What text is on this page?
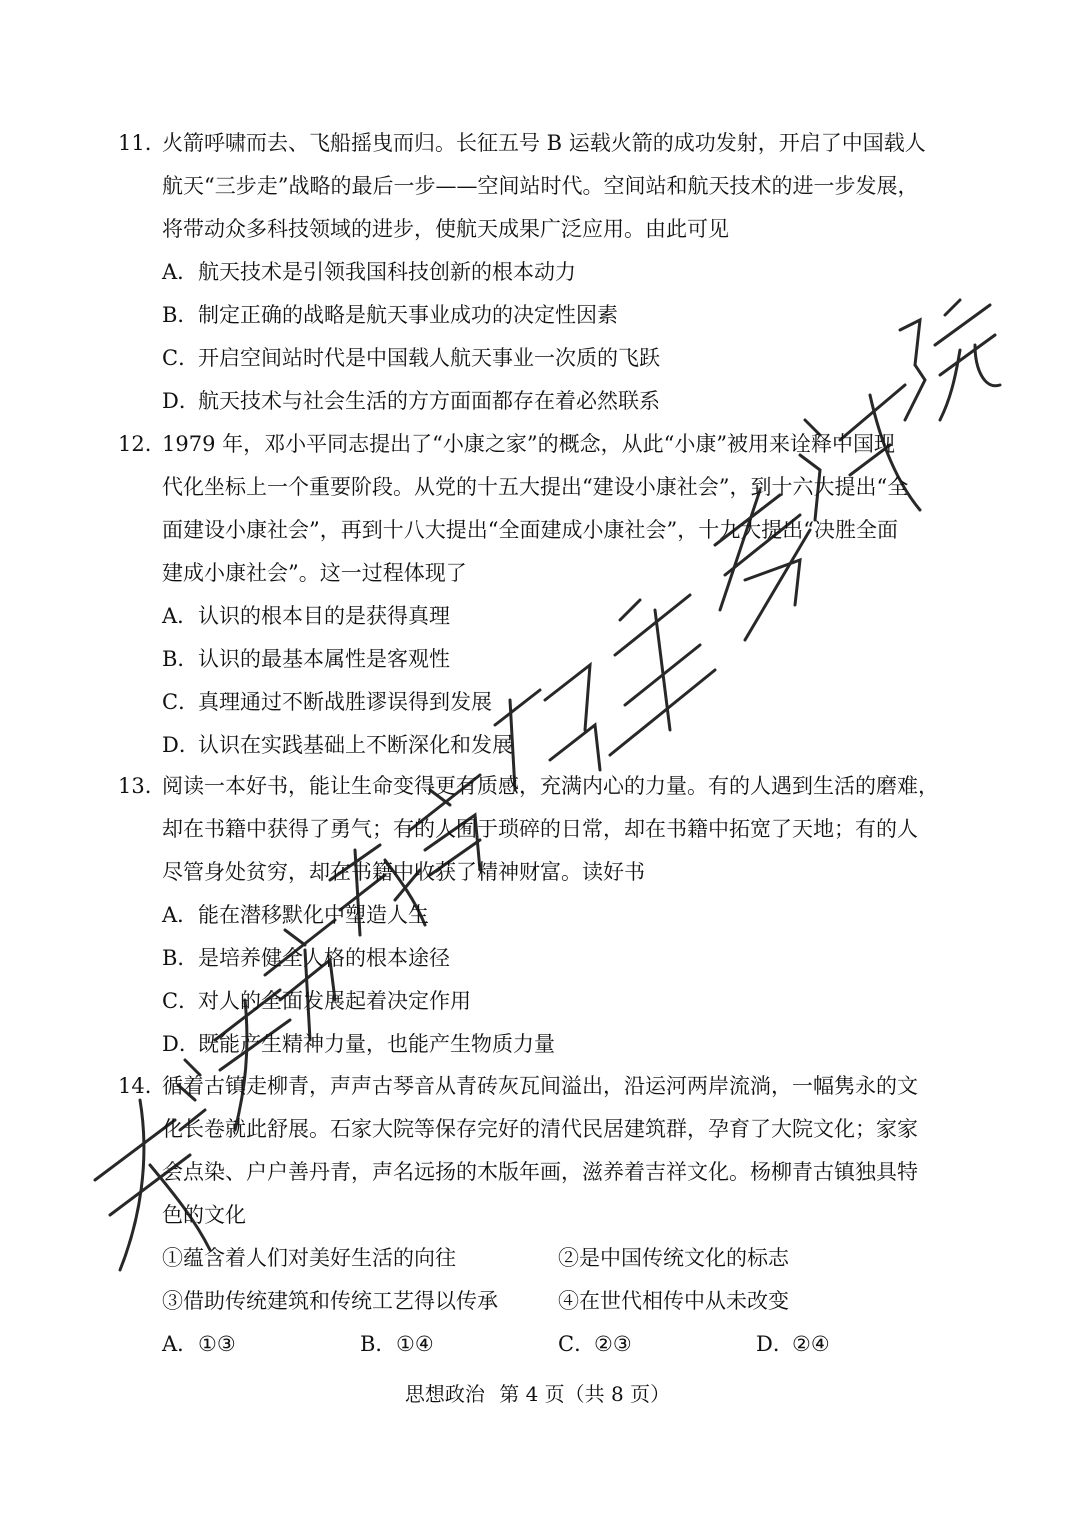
11. 火箭呼啸而去、飞船摇曳而归。长征五号 B 运载火箭的成功发射，开启了中国载人
航天“三步走”战略的最后一步——空间站时代。空间站和航天技术的进一步发展，
将带动众多科技领域的进步，使航天成果广泛应用。由此可见
A．航天技术是引领我国科技创新的根本动力
B．制定正确的战略是航天事业成功的决定性因素
C．开启空间站时代是中国载人航天事业一次质的飞跃
D．航天技术与社会生活的方方面面都存在着必然联系
12. 1979 年，邓小平同志提出了“小康之家”的概念，从此“小康”被用来诠释中国现
代化坐标上一个重要阶段。从党的十五大提出“建设小康社会”，到十六大提出“全
面建设小康社会”，再到十八大提出“全面建成小康社会”，十九大提出“决胜全面
建成小康社会”。这一过程体现了
A．认识的根本目的是获得真理
B．认识的最基本属性是客观性
C．真理通过不断战胜谬误得到发展
D．认识在实践基础上不断深化和发展
13. 阅读一本好书，能让生命变得更有质感，充满内心的力量。有的人遇到生活的磨难，
却在书籍中获得了勇气；有的人囿于琐碎的日常，却在书籍中拓宽了天地；有的人
尽管身处贫穷，却在书籍中收获了精神财富。读好书
A．能在潜移默化中塑造人生
B．是培养健全人格的根本途径
C．对人的全面发展起着决定作用
D．既能产生精神力量，也能产生物质力量
14. 循着古镇走柳青，声声古琴音从青砖灰瓦间溢出，沿运河两岸流淌，一幅隽永的文
化长卷就此舒展。石家大院等保存完好的清代民居建筑群，孕育了大院文化；家家
会点染、户户善丹青，声名远扬的木版年画，滋养着吉祥文化。杨柳青古镇独具特
色的文化
①蕴含着人们对美好生活的向往	②是中国传统文化的标志
③借助传统建筑和传统工艺得以传承	④在世代相传中从未改变
A．①③	B．①④	C．②③	D．②④
思想政治 第 4 页（共 8 页）
天津市教育招生考试院
